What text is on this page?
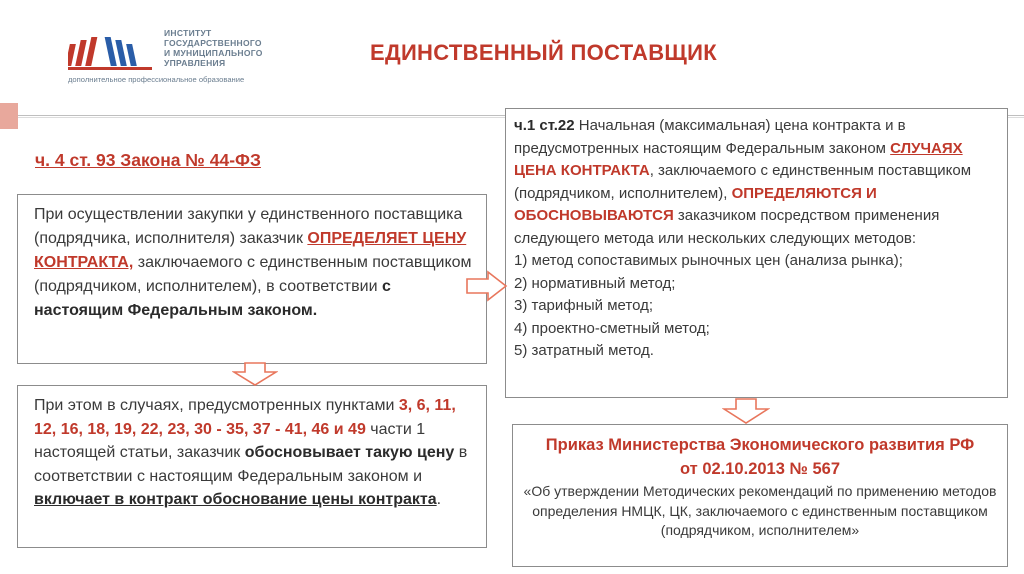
ИНСТИТУТ
ГОСУДАРСТВЕННОГО
И МУНИЦИПАЛЬНОГО
УПРАВЛЕНИЯ
дополнительное профессиональное образование
ЕДИНСТВЕННЫЙ ПОСТАВЩИК
ч. 4 ст. 93 Закона № 44-ФЗ
При осуществлении закупки у единственного поставщика (подрядчика, исполнителя) заказчик ОПРЕДЕЛЯЕТ ЦЕНУ КОНТРАКТА, заключаемого с единственным поставщиком (подрядчиком, исполнителем), в соответствии с настоящим Федеральным законом.
При этом в случаях, предусмотренных пунктами 3, 6, 11, 12, 16, 18, 19, 22, 23, 30 - 35, 37 - 41, 46 и 49 части 1 настоящей статьи, заказчик обосновывает такую цену в соответствии с настоящим Федеральным законом и включает в контракт обоснование цены контракта.
ч.1 ст.22 Начальная (максимальная) цена контракта и в предусмотренных настоящим Федеральным законом СЛУЧАЯХ ЦЕНА КОНТРАКТА, заключаемого с единственным поставщиком (подрядчиком, исполнителем), ОПРЕДЕЛЯЮТСЯ И ОБОСНОВЫВАЮТСЯ заказчиком посредством применения следующего метода или нескольких следующих методов:
1) метод сопоставимых рыночных цен (анализа рынка);
2) нормативный метод;
3) тарифный метод;
4) проектно-сметный метод;
5) затратный метод.
Приказ Министерства Экономического развития РФ
от 02.10.2013 № 567
«Об утверждении Методических рекомендаций по применению методов определения НМЦК, ЦК, заключаемого с единственным поставщиком (подрядчиком, исполнителем»
